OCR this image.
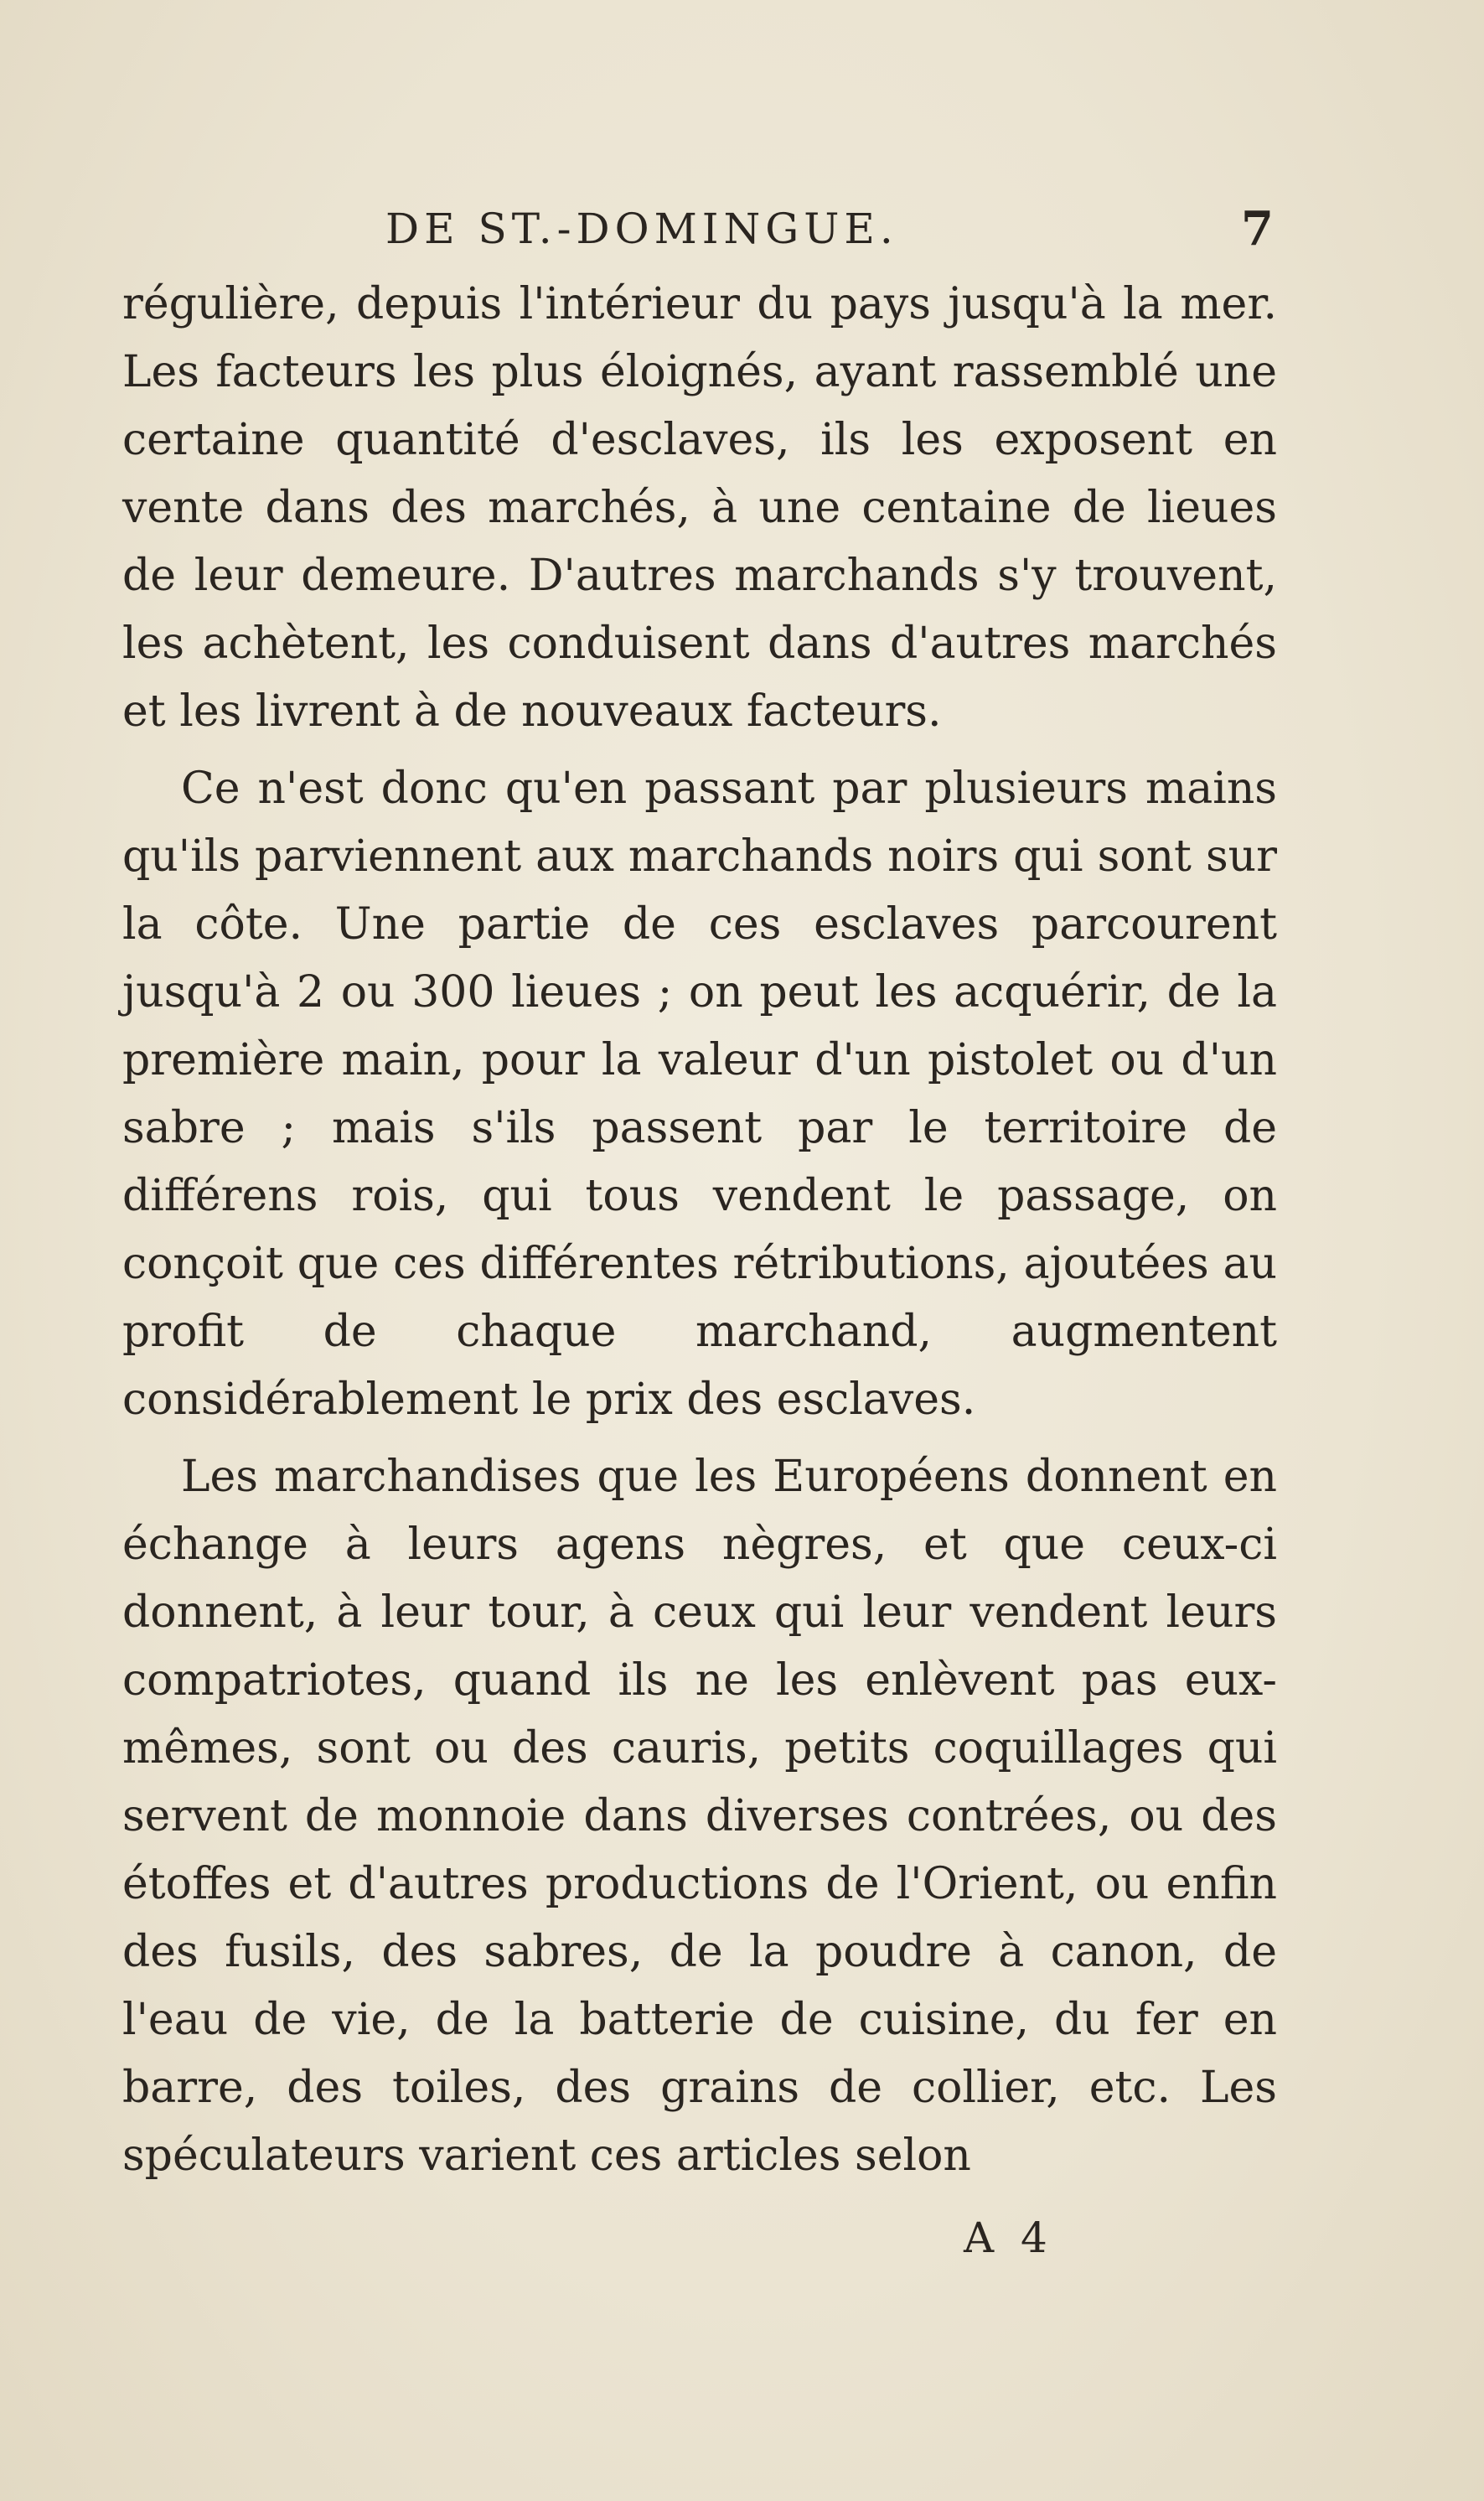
DE ST.-DOMINGUE.	7

régulière, depuis l'intérieur du pays jusqu'à la mer. Les facteurs les plus éloignés, ayant rassemblé une certaine quantité d'esclaves, ils les exposent en vente dans des marchés, à une centaine de lieues de leur demeure. D'autres marchands s'y trouvent, les achètent, les conduisent dans d'autres marchés et les livrent à de nouveaux facteurs.

Ce n'est donc qu'en passant par plusieurs mains qu'ils parviennent aux marchands noirs qui sont sur la côte. Une partie de ces esclaves parcourent jusqu'à 2 ou 300 lieues ; on peut les acquérir, de la première main, pour la valeur d'un pistolet ou d'un sabre ; mais s'ils passent par le territoire de différens rois, qui tous vendent le passage, on conçoit que ces différentes rétributions, ajoutées au profit de chaque marchand, augmentent considérablement le prix des esclaves.

Les marchandises que les Européens donnent en échange à leurs agens nègres, et que ceux-ci donnent, à leur tour, à ceux qui leur vendent leurs compatriotes, quand ils ne les enlèvent pas eux-mêmes, sont ou des cauris, petits coquillages qui servent de monnoie dans diverses contrées, ou des étoffes et d'autres productions de l'Orient, ou enfin des fusils, des sabres, de la poudre à canon, de l'eau de vie, de la batterie de cuisine, du fer en barre, des toiles, des grains de collier, etc. Les spéculateurs varient ces articles selon

A 4
